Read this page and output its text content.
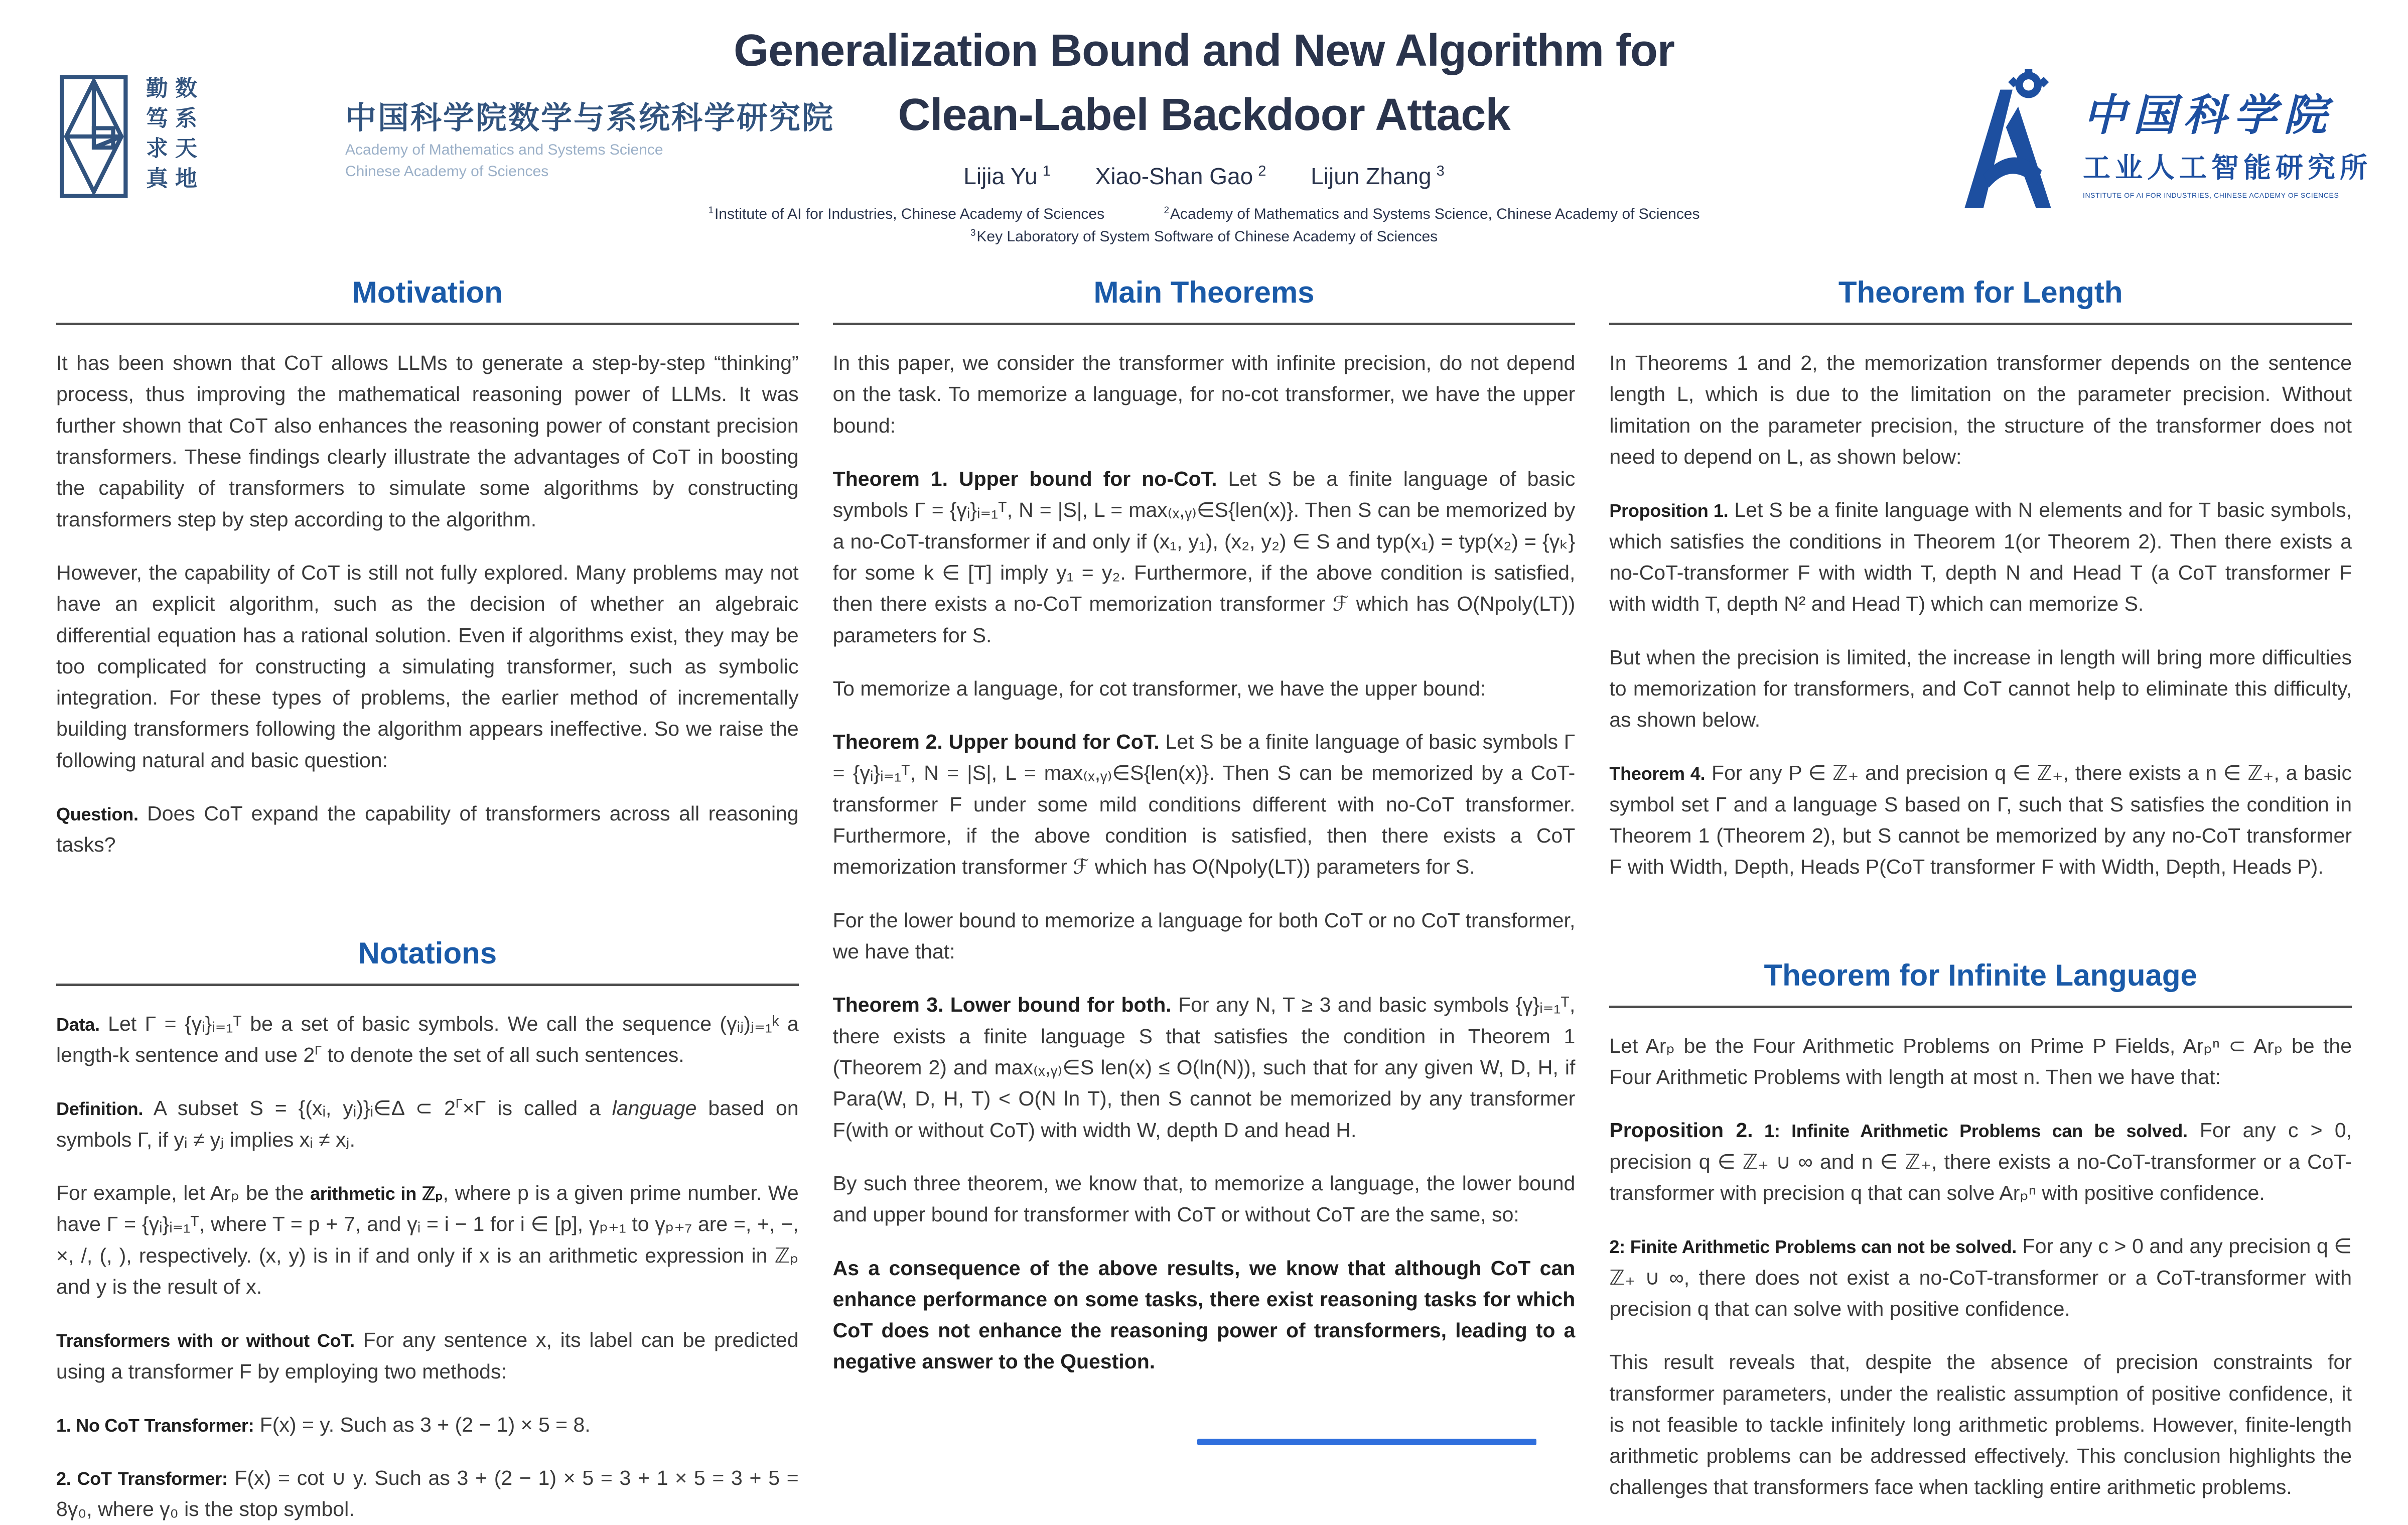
勤笃求真 数系天地	中国科学院数学与系统科学研究院
Academy of Mathematics and Systems Science
Chinese Academy of Sciences
Generalization Bound and New Algorithm for
Clean-Label Backdoor Attack
Lijia Yu $^1$ Xiao-Shan Gao $^2$ Lijun Zhang $^3$
$^1$Institute of AI for Industries, Chinese Academy of Sciences	$^2$Academy of Mathematics and Systems Science, Chinese Academy of Sciences
$^3$Key Laboratory of System Software of Chinese Academy of Sciences
中国科学院
工业人工智能研究所
INSTITUTE OF AI FOR INDUSTRIES, CHINESE ACADEMY OF SCIENCES
Motivation

It has been shown that CoT allows LLMs to generate a step-by-step “thinking” process, thus improving the mathematical reasoning power of LLMs. It was further shown that CoT also enhances the reasoning power of constant precision transformers. These findings clearly illustrate the advantages of CoT in boosting the capability of transformers to simulate some algorithms by constructing transformers step by step according to the algorithm.

However, the capability of CoT is still not fully explored. Many problems may not have an explicit algorithm, such as the decision of whether an algebraic differential equation has a rational solution. Even if algorithms exist, they may be too complicated for constructing a simulating transformer, such as symbolic integration. For these types of problems, the earlier method of incrementally building transformers following the algorithm appears ineffective. So we raise the following natural and basic question:

Question. Does CoT expand the capability of transformers across all reasoning tasks?

Notations

Data. Let Γ = {γᵢ}ᵢ₌₁ᵀ be a set of basic symbols. We call the sequence (γᵢⱼ)ⱼ₌₁ᵏ a length-k sentence and use $2^\Gamma$ to denote the set of all such sentences.

Definition. A subset S = {(xᵢ, yᵢ)}ᵢ∈Δ ⊂ $2^\Gamma\times\Gamma$ is called a language based on symbols Γ, if yᵢ ≠ yⱼ implies xᵢ ≠ xⱼ.

For example, let Arₚ be the arithmetic in ℤₚ, where p is a given prime number. We have Γ = {γᵢ}ᵢ₌₁ᵀ, where T = p + 7, and γᵢ = i − 1 for i ∈ [p], γₚ₊₁ to γₚ₊₇ are =, +, −, ×, /, (, ), respectively. (x, y) is in if and only if x is an arithmetic expression in ℤₚ and y is the result of x.

Transformers with or without CoT. For any sentence x, its label can be predicted using a transformer F by employing two methods:

1. No CoT Transformer: F(x) = y. Such as 3 + (2 − 1) × 5 = 8.

2. CoT Transformer: F(x) = cot ∪ y. Such as 3 + (2 − 1) × 5 = 3 + 1 × 5 = 3 + 5 = 8γ₀, where γ₀ is the stop symbol.

Main Theorems

In this paper, we consider the transformer with infinite precision, do not depend on the task. To memorize a language, for no-cot transformer, we have the upper bound:

Theorem 1. Upper bound for no-CoT. Let S be a finite language of basic symbols Γ = {γᵢ}ᵢ₌₁ᵀ, N = |S|, L = max₍ₓ,ᵧ₎∈S{len(x)}. Then S can be memorized by a no-CoT-transformer if and only if (x₁, y₁), (x₂, y₂) ∈ S and typ(x₁) = typ(x₂) = {γₖ} for some k ∈ [T] imply y₁ = y₂. Furthermore, if the above condition is satisfied, then there exists a no-CoT memorization transformer ℱ which has O(Npoly(LT)) parameters for S.

To memorize a language, for cot transformer, we have the upper bound:

Theorem 2. Upper bound for CoT. Let S be a finite language of basic symbols Γ = {γᵢ}ᵢ₌₁ᵀ, N = |S|, L = max₍ₓ,ᵧ₎∈S{len(x)}. Then S can be memorized by a CoT-transformer F under some mild conditions different with no-CoT transformer. Furthermore, if the above condition is satisfied, then there exists a CoT memorization transformer ℱ which has O(Npoly(LT)) parameters for S.

For the lower bound to memorize a language for both CoT or no CoT transformer, we have that:

Theorem 3. Lower bound for both. For any N, T ≥ 3 and basic symbols {γ}ᵢ₌₁ᵀ, there exists a finite language S that satisfies the condition in Theorem 1 (Theorem 2) and max₍ₓ,ᵧ₎∈S len(x) ≤ O(ln(N)), such that for any given W, D, H, if Para(W, D, H, T) < O(N ln T), then S cannot be memorized by any transformer F(with or without CoT) with width W, depth D and head H.

By such three theorem, we know that, to memorize a language, the lower bound and upper bound for transformer with CoT or without CoT are the same, so:

As a consequence of the above results, we know that although CoT can enhance performance on some tasks, there exist reasoning tasks for which CoT does not enhance the reasoning power of transformers, leading to a negative answer to the Question.

Theorem for Length

In Theorems 1 and 2, the memorization transformer depends on the sentence length L, which is due to the limitation on the parameter precision. Without limitation on the parameter precision, the structure of the transformer does not need to depend on L, as shown below:

Proposition 1. Let S be a finite language with N elements and for T basic symbols, which satisfies the conditions in Theorem 1(or Theorem 2). Then there exists a no-CoT-transformer F with width T, depth N and Head T (a CoT transformer F with width T, depth N² and Head T) which can memorize S.

But when the precision is limited, the increase in length will bring more difficulties to memorization for transformers, and CoT cannot help to eliminate this difficulty, as shown below.

Theorem 4. For any P ∈ ℤ₊ and precision q ∈ ℤ₊, there exists a n ∈ ℤ₊, a basic symbol set Γ and a language S based on Γ, such that S satisfies the condition in Theorem 1 (Theorem 2), but S cannot be memorized by any no-CoT transformer F with Width, Depth, Heads P(CoT transformer F with Width, Depth, Heads P).

Theorem for Infinite Language

Let Arₚ be the Four Arithmetic Problems on Prime P Fields, Arₚⁿ ⊂ Arₚ be the Four Arithmetic Problems with length at most n. Then we have that:

Proposition 2. 1: Infinite Arithmetic Problems can be solved. For any c > 0, precision q ∈ ℤ₊ ∪ ∞ and n ∈ ℤ₊, there exists a no-CoT-transformer or a CoT-transformer with precision q that can solve Arₚⁿ with positive confidence.

2: Finite Arithmetic Problems can not be solved. For any c > 0 and any precision q ∈ ℤ₊ ∪ ∞, there does not exist a no-CoT-transformer or a CoT-transformer with precision q that can solve with positive confidence.

This result reveals that, despite the absence of precision constraints for transformer parameters, under the realistic assumption of positive confidence, it is not feasible to tackle infinitely long arithmetic problems. However, finite-length arithmetic problems can be addressed effectively. This conclusion highlights the challenges that transformers face when tackling entire arithmetic problems.
